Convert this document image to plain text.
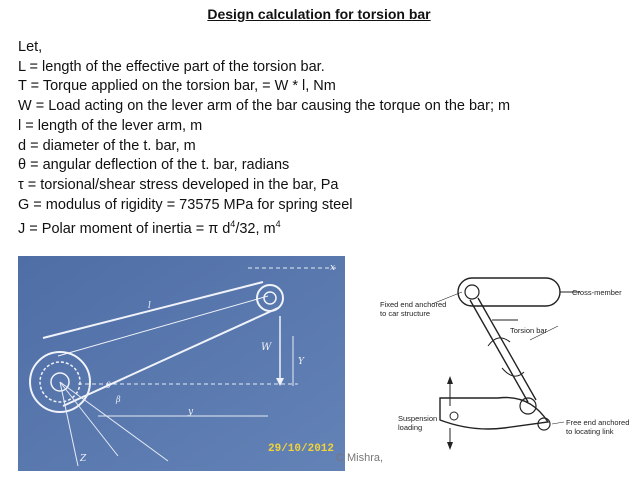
Design calculation for torsion bar
Let,
L = length of the effective part of the torsion bar.
T = Torque applied on the torsion bar, = W * l, Nm
W = Load acting on the lever arm of the bar causing the torque on the bar; m
l = length of the lever arm, m
d = diameter of the t. bar, m
θ = angular deflection of the t. bar, radians
τ = torsional/shear stress developed in the bar, Pa
G = modulus of rigidity = 73575 MPa for spring steel
J = Polar moment of inertia = π $d^4/32$, $m^4$
W
l
x
Y
y
β
θ
Z
29/10/2012
C Mishra,
Fixed end anchored
to car structure
Cross-member
Torsion bar
Suspension
loading
Free end anchored
to locating link
